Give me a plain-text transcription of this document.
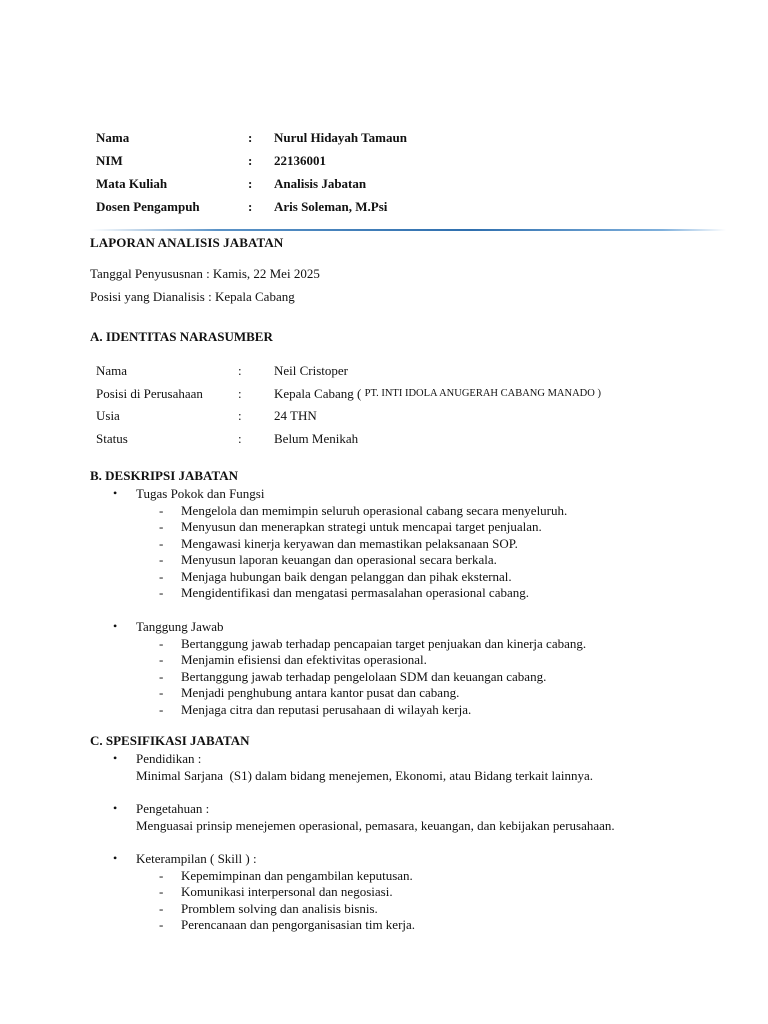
Nama	:	Nurul Hidayah Tamaun
NIM	:	22136001
Mata Kuliah	:	Analisis Jabatan
Dosen Pengampuh	:	Aris Soleman, M.Psi
LAPORAN ANALISIS JABATAN
Tanggal Penyususnan : Kamis, 22 Mei 2025
Posisi yang Dianalisis : Kepala Cabang
A. IDENTITAS NARASUMBER
Nama	:	Neil Cristoper
Posisi di Perusahaan	:	Kepala Cabang ( PT. INTI IDOLA ANUGERAH CABANG MANADO )
Usia	:	24 THN
Status	:	Belum Menikah
B. DESKRIPSI JABATAN
• Tugas Pokok dan Fungsi
- Mengelola dan memimpin seluruh operasional cabang secara menyeluruh.
- Menyusun dan menerapkan strategi untuk mencapai target penjualan.
- Mengawasi kinerja keryawan dan memastikan pelaksanaan SOP.
- Menyusun laporan keuangan dan operasional secara berkala.
- Menjaga hubungan baik dengan pelanggan dan pihak eksternal.
- Mengidentifikasi dan mengatasi permasalahan operasional cabang.
• Tanggung Jawab
- Bertanggung jawab terhadap pencapaian target penjuakan dan kinerja cabang.
- Menjamin efisiensi dan efektivitas operasional.
- Bertanggung jawab terhadap pengelolaan SDM dan keuangan cabang.
- Menjadi penghubung antara kantor pusat dan cabang.
- Menjaga citra dan reputasi perusahaan di wilayah kerja.
C. SPESIFIKASI JABATAN
• Pendidikan :
Minimal Sarjana  (S1) dalam bidang menejemen, Ekonomi, atau Bidang terkait lainnya.
• Pengetahuan :
Menguasai prinsip menejemen operasional, pemasara, keuangan, dan kebijakan perusahaan.
• Keterampilan ( Skill ) :
- Kepemimpinan dan pengambilan keputusan.
- Komunikasi interpersonal dan negosiasi.
- Promblem solving dan analisis bisnis.
- Perencanaan dan pengorganisasian tim kerja.
